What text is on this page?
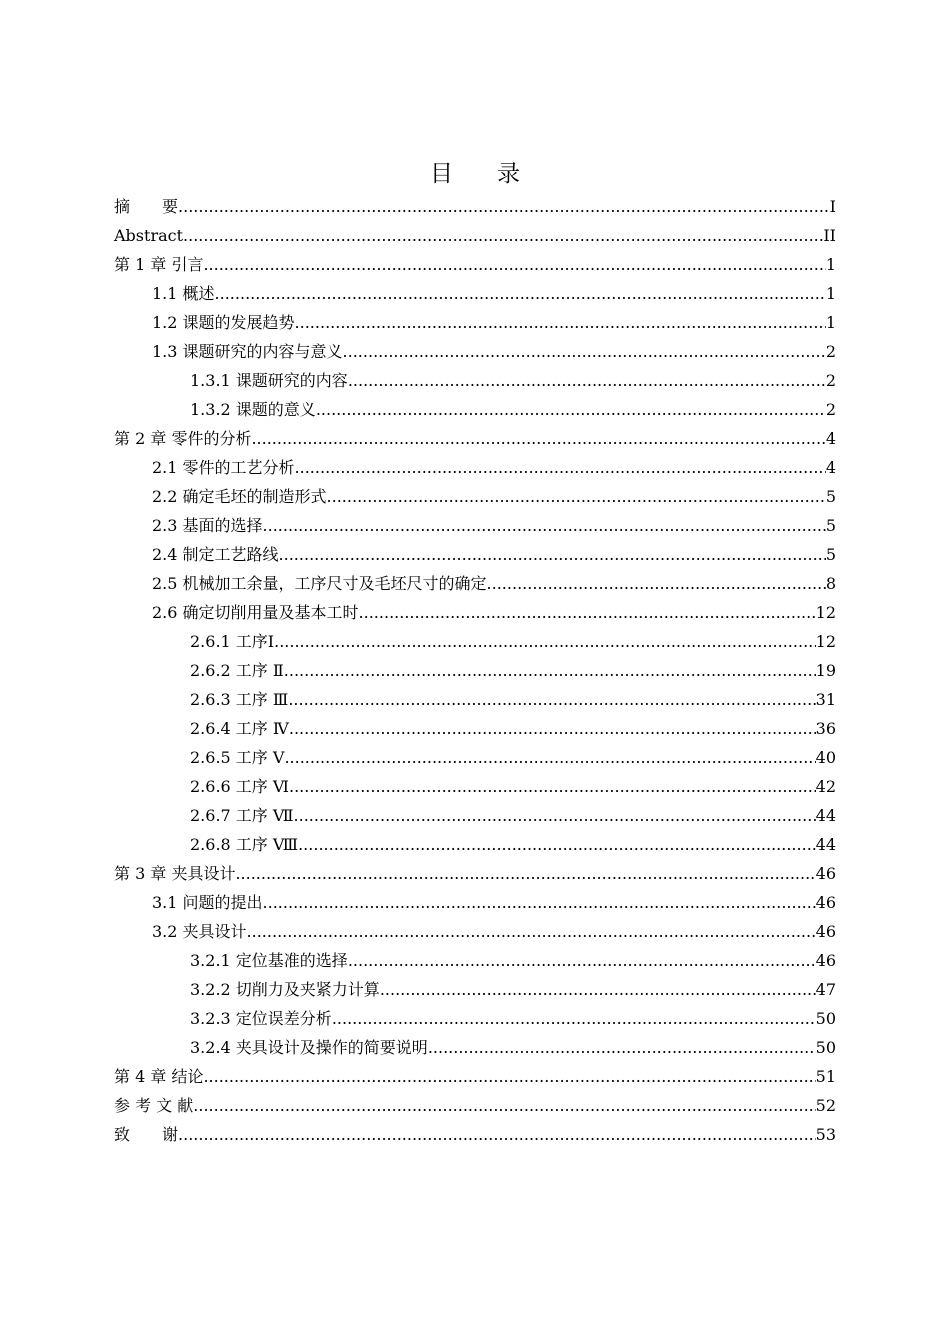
目录
摘　　要 .....	I
Abstract .....	II
第 1 章 引言 .....	1
1.1 概述 .....	1
1.2 课题的发展趋势 .....	1
1.3 课题研究的内容与意义 .....	2
1.3.1 课题研究的内容 .....	2
1.3.2 课题的意义 .....	2
第 2 章 零件的分析 .....	4
2.1 零件的工艺分析 .....	4
2.2 确定毛坯的制造形式 .....	5
2.3 基面的选择 .....	5
2.4 制定工艺路线 .....	5
2.5 机械加工余量，工序尺寸及毛坯尺寸的确定 .....	8
2.6 确定切削用量及基本工时 .....	12
2.6.1 工序Ⅰ .....	12
2.6.2 工序 Ⅱ .....	19
2.6.3 工序 Ⅲ .....	31
2.6.4 工序 Ⅳ .....	36
2.6.5 工序 Ⅴ .....	40
2.6.6 工序 Ⅵ .....	42
2.6.7 工序 Ⅶ .....	44
2.6.8 工序 Ⅷ .....	44
第 3 章 夹具设计 .....	46
3.1 问题的提出 .....	46
3.2 夹具设计 .....	46
3.2.1 定位基准的选择 .....	46
3.2.2 切削力及夹紧力计算 .....	47
3.2.3 定位误差分析 .....	50
3.2.4 夹具设计及操作的简要说明 .....	50
第 4 章 结论 .....	51
参 考 文 献 .....	52
致　　谢 .....	53
